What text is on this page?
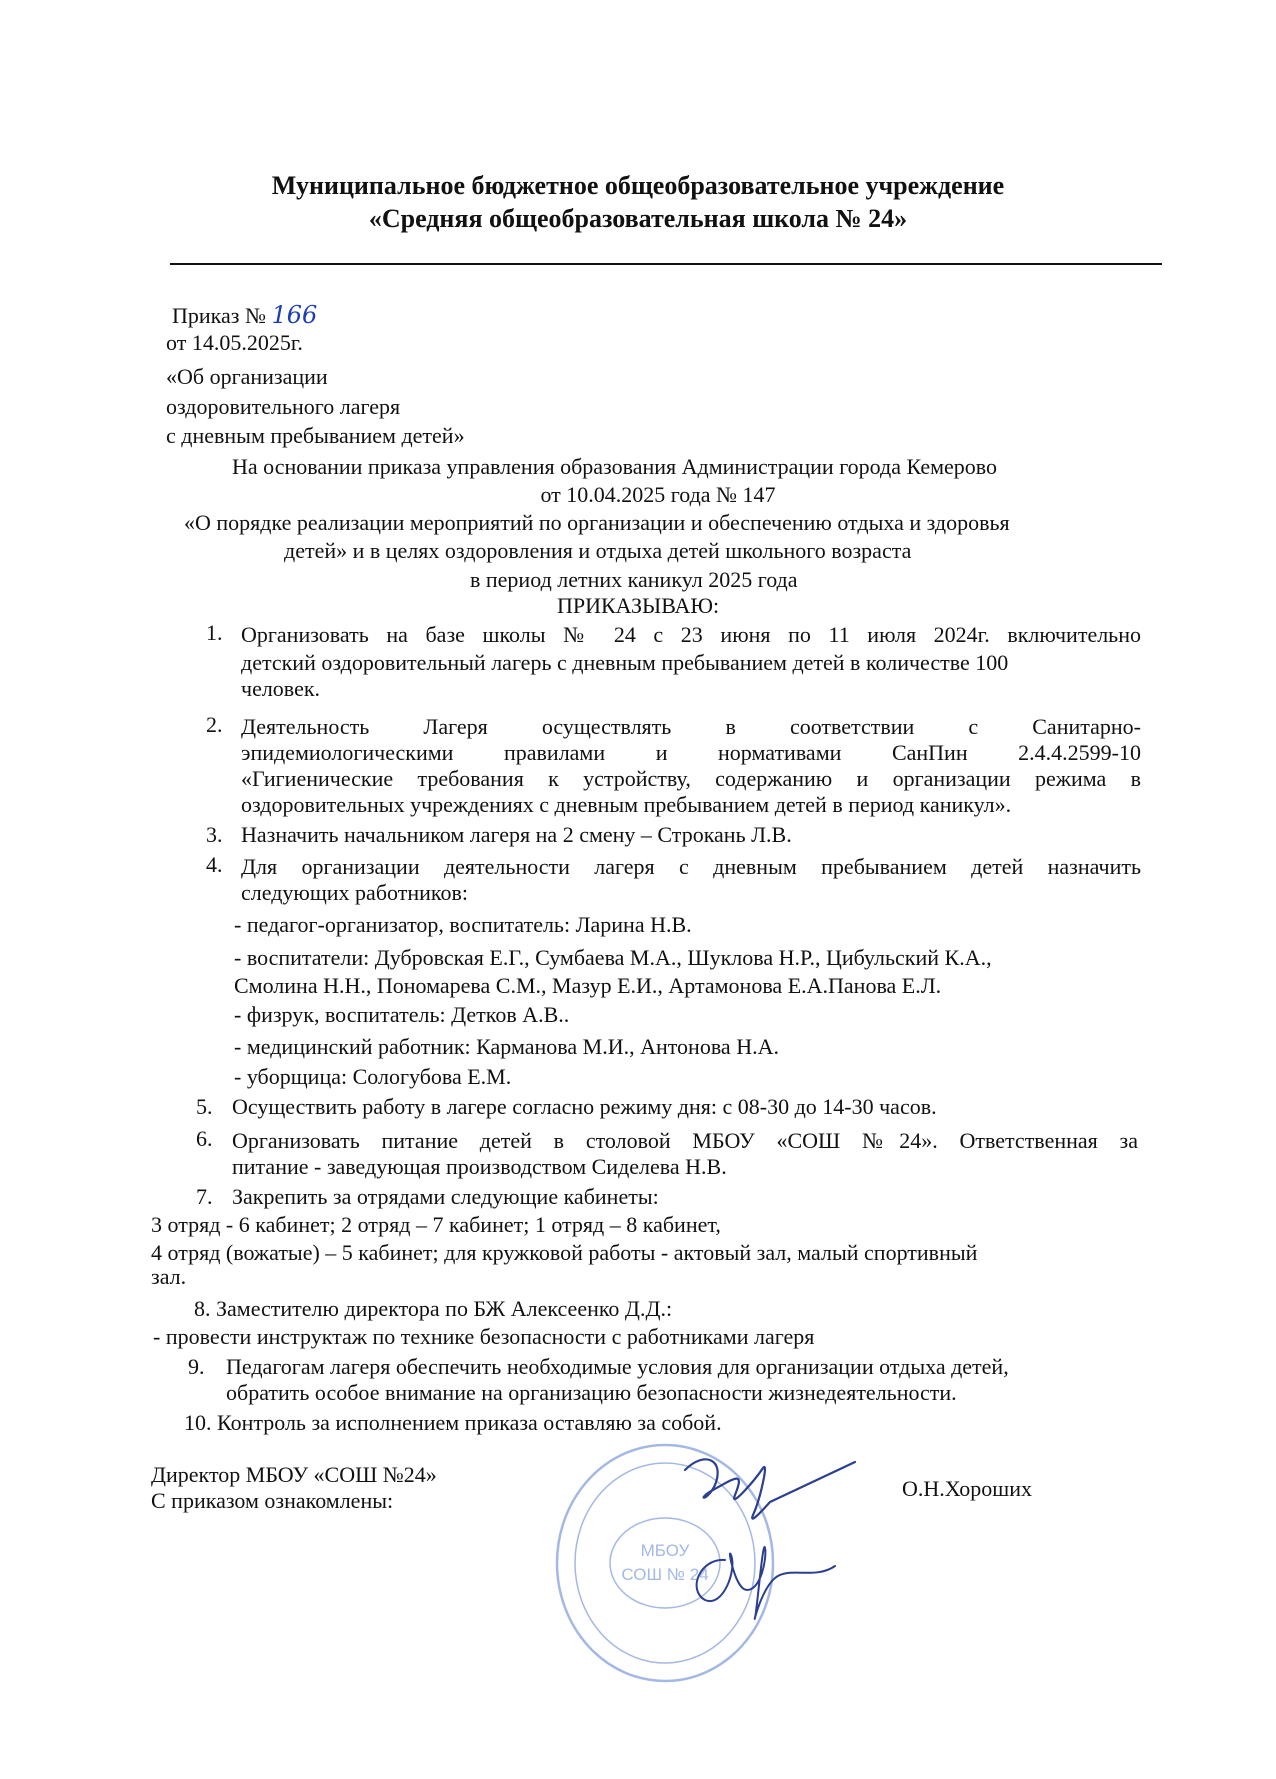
Муниципальное бюджетное общеобразовательное учреждение
«Средняя общеобразовательная школа № 24»
Приказ № 166
от 14.05.2025г.
«Об организации
оздоровительного лагеря
с дневным пребыванием детей»
На основании приказа управления образования Администрации города Кемерово
от 10.04.2025 года № 147
«О порядке реализации мероприятий по организации и обеспечению отдыха и здоровья
детей» и в целях оздоровления и отдыха детей школьного возраста
в период летних каникул 2025 года
ПРИКАЗЫВАЮ:
1. Организовать на базе школы № 24 с 23 июня по 11 июля 2024г. включительно
детский оздоровительный лагерь с дневным пребыванием детей в количестве 100
человек.
2. Деятельность Лагеря осуществлять в соответствии с Санитарно-
эпидемиологическими правилами и нормативами СанПин 2.4.4.2599-10
«Гигиенические требования к устройству, содержанию и организации режима в
оздоровительных учреждениях с дневным пребыванием детей в период каникул».
3. Назначить начальником лагеря на 2 смену – Строкань Л.В.
4. Для организации деятельности лагеря с дневным пребыванием детей назначить
следующих работников:
- педагог-организатор, воспитатель: Ларина Н.В.
- воспитатели: Дубровская Е.Г., Сумбаева М.А., Шуклова Н.Р., Цибульский К.А.,
Смолина Н.Н., Пономарева С.М., Мазур Е.И., Артамонова Е.А.Панова Е.Л.
- физрук, воспитатель: Детков А.В..
- медицинский работник: Карманова М.И., Антонова Н.А.
- уборщица: Сологубова Е.М.
5. Осуществить работу в лагере согласно режиму дня: с 08-30 до 14-30 часов.
6. Организовать питание детей в столовой МБОУ «СОШ №24». Ответственная за
питание - заведующая производством Сиделева Н.В.
7. Закрепить за отрядами следующие кабинеты:
3 отряд - 6 кабинет; 2 отряд – 7 кабинет; 1 отряд – 8 кабинет,
4 отряд (вожатые) – 5 кабинет; для кружковой работы - актовый зал, малый спортивный
зал.
8. Заместителю директора по БЖ Алексеенко Д.Д.:
- провести инструктаж по технике безопасности с работниками лагеря
9. Педагогам лагеря обеспечить необходимые условия для организации отдыха детей,
обратить особое внимание на организацию безопасности жизнедеятельности.
10. Контроль за исполнением приказа оставляю за собой.
Директор МБОУ «СОШ №24»
С приказом ознакомлены:	О.Н.Хороших
МБОУ
СОШ № 24
